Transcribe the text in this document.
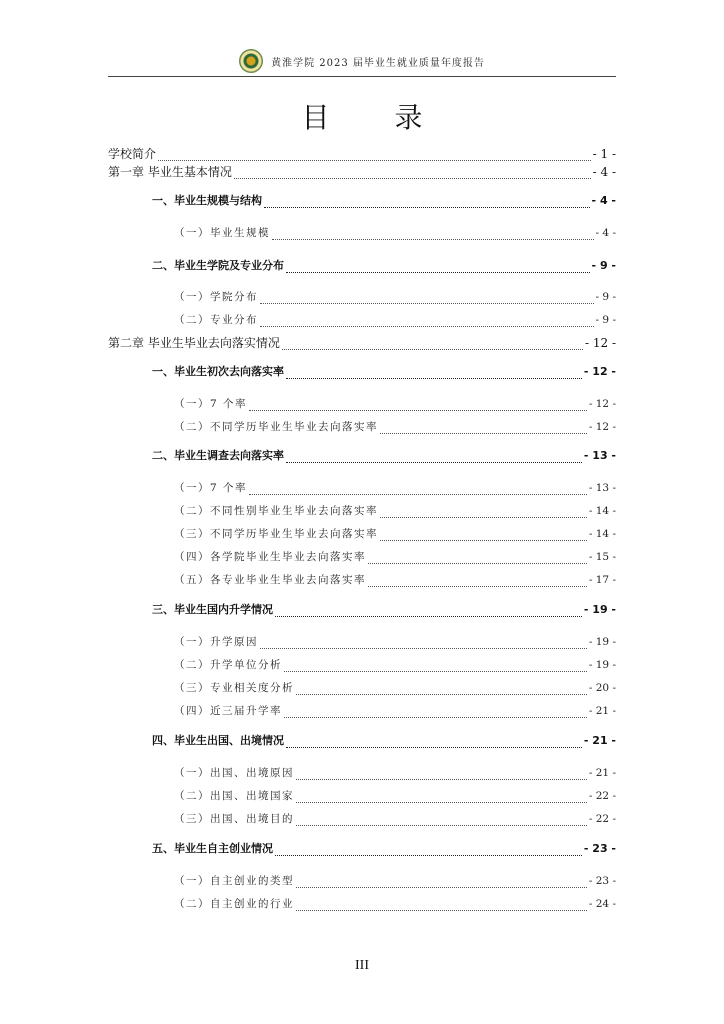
黄淮学院 2023 届毕业生就业质量年度报告
目 录
学校简介	- 1 -
第一章 毕业生基本情况	- 4 -
一、毕业生规模与结构	- 4 -
（一）毕业生规模	- 4 -
二、毕业生学院及专业分布	- 9 -
（一）学院分布	- 9 -
（二）专业分布	- 9 -
第二章 毕业生毕业去向落实情况	- 12 -
一、毕业生初次去向落实率	- 12 -
（一）7 个率	- 12 -
（二）不同学历毕业生毕业去向落实率	- 12 -
二、毕业生调查去向落实率	- 13 -
（一）7 个率	- 13 -
（二）不同性别毕业生毕业去向落实率	- 14 -
（三）不同学历毕业生毕业去向落实率	- 14 -
（四）各学院毕业生毕业去向落实率	- 15 -
（五）各专业毕业生毕业去向落实率	- 17 -
三、毕业生国内升学情况	- 19 -
（一）升学原因	- 19 -
（二）升学单位分析	- 19 -
（三）专业相关度分析	- 20 -
（四）近三届升学率	- 21 -
四、毕业生出国、出境情况	- 21 -
（一）出国、出境原因	- 21 -
（二）出国、出境国家	- 22 -
（三）出国、出境目的	- 22 -
五、毕业生自主创业情况	- 23 -
（一）自主创业的类型	- 23 -
（二）自主创业的行业	- 24 -
III
